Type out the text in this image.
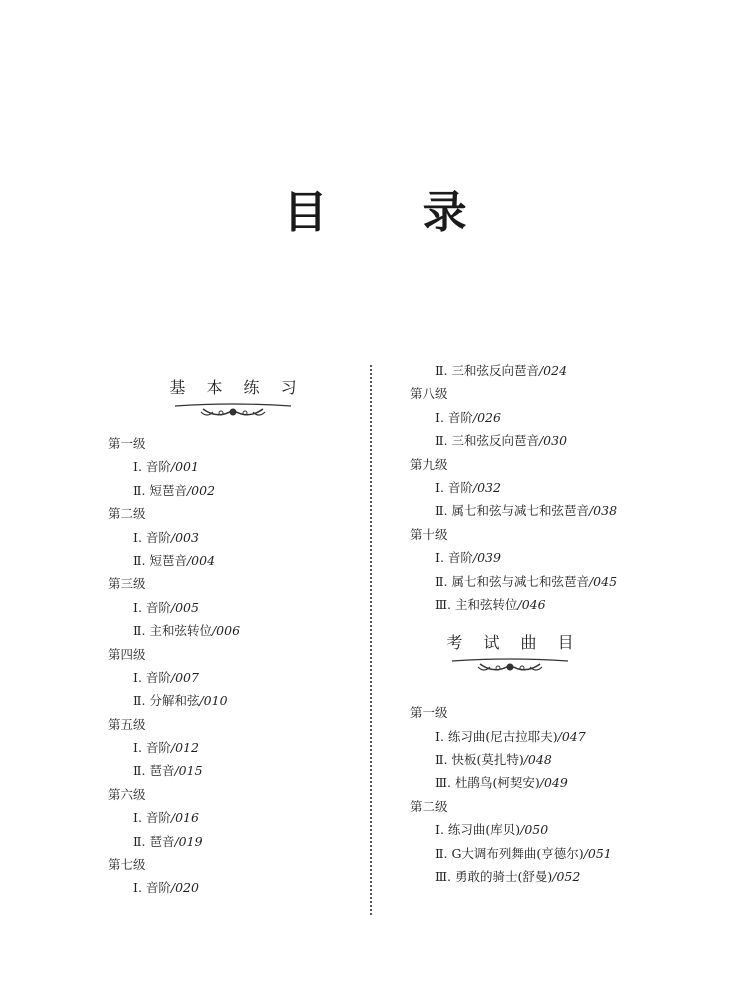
目 录
基 本 练 习
第一级
Ⅰ. 音阶/001
Ⅱ. 短琶音/002
第二级
Ⅰ. 音阶/003
Ⅱ. 短琶音/004
第三级
Ⅰ. 音阶/005
Ⅱ. 主和弦转位/006
第四级
Ⅰ. 音阶/007
Ⅱ. 分解和弦/010
第五级
Ⅰ. 音阶/012
Ⅱ. 琶音/015
第六级
Ⅰ. 音阶/016
Ⅱ. 琶音/019
第七级
Ⅰ. 音阶/020
Ⅱ. 三和弦反向琶音/024
第八级
Ⅰ. 音阶/026
Ⅱ. 三和弦反向琶音/030
第九级
Ⅰ. 音阶/032
Ⅱ. 属七和弦与减七和弦琶音/038
第十级
Ⅰ. 音阶/039
Ⅱ. 属七和弦与减七和弦琶音/045
Ⅲ. 主和弦转位/046
考 试 曲 目
第一级
Ⅰ. 练习曲(尼古拉耶夫)/047
Ⅱ. 快板(莫扎特)/048
Ⅲ. 杜鹃鸟(柯契安)/049
第二级
Ⅰ. 练习曲(库贝)/050
Ⅱ. G大调布列舞曲(亨德尔)/051
Ⅲ. 勇敢的骑士(舒曼)/052
